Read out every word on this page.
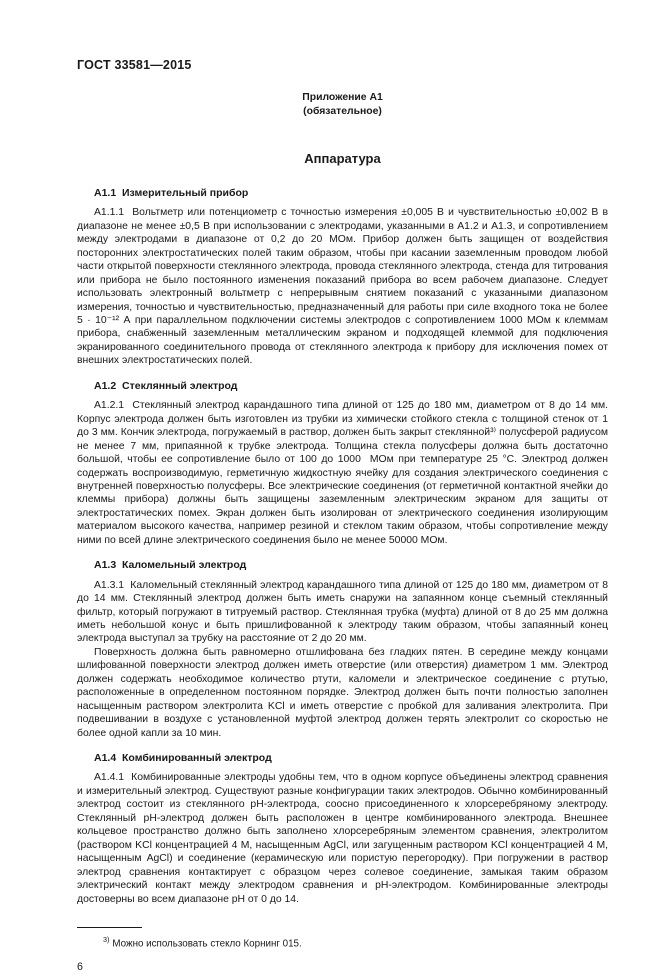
ГОСТ 33581—2015
Приложение А1
(обязательное)
Аппаратура
А1.1  Измерительный прибор

А1.1.1  Вольтметр или потенциометр с точностью измерения ±0,005 В и чувствительностью ±0,002 В в диапазоне не менее ±0,5 В при использовании с электродами, указанными в А1.2 и А1.3, и сопротивлением между электродами в диапазоне от 0,2 до 20 МОм. Прибор должен быть защищен от воздействия посторонних электростатических полей таким образом, чтобы при касании заземленным проводом любой части открытой поверхности стеклянного электрода, провода стеклянного электрода, стенда для титрования или прибора не было постоянного изменения показаний прибора во всем рабочем диапазоне. Следует использовать электронный вольтметр с непрерывным снятием показаний с указанными диапазоном измерения, точностью и чувствительностью, предназначенный для работы при силе входного тока не более 5 · 10⁻¹² А при параллельном подключении системы электродов с сопротивлением 1000 МОм к клеммам прибора, снабженный заземленным металлическим экраном и подходящей клеммой для подключения экранированного соединительного провода от стеклянного электрода к прибору для исключения помех от внешних электростатических полей.

А1.2  Стеклянный электрод

А1.2.1  Стеклянный электрод карандашного типа длиной от 125 до 180 мм, диаметром от 8 до 14 мм. Корпус электрода должен быть изготовлен из трубки из химически стойкого стекла с толщиной стенок от 1 до 3 мм. Кончик электрода, погружаемый в раствор, должен быть закрыт стеклянной³⁾ полусферой радиусом не менее 7 мм, припаянной к трубке электрода. Толщина стекла полусферы должна быть достаточно большой, чтобы ее сопротивление было от 100 до 1000  МОм при температуре 25 °С. Электрод должен содержать воспроизводимую, герметичную жидкостную ячейку для создания электрического соединения с внутренней поверхностью полусферы. Все электрические соединения (от герметичной контактной ячейки до клеммы прибора) должны быть защищены заземленным электрическим экраном для защиты от электростатических помех. Экран должен быть изолирован от электрического соединения изолирующим материалом высокого качества, например резиной и стеклом таким образом, чтобы сопротивление между ними по всей длине электрического соединения было не менее 50000 МОм.

А1.3  Каломельный электрод

А1.3.1  Каломельный стеклянный электрод карандашного типа длиной от 125 до 180 мм, диаметром от 8 до 14 мм. Стеклянный электрод должен быть иметь снаружи на запаянном конце съемный стеклянный фильтр, который погружают в титруемый раствор. Стеклянная трубка (муфта) длиной от 8 до 25 мм должна иметь небольшой конус и быть пришлифованной к электроду таким образом, чтобы запаянный конец электрода выступал за трубку на расстояние от 2 до 20 мм.

Поверхность должна быть равномерно отшлифована без гладких пятен. В середине между концами шлифованной поверхности электрод должен иметь отверстие (или отверстия) диаметром 1 мм. Электрод должен содержать необходимое количество ртути, каломели и электрическое соединение с ртутью, расположенные в определенном постоянном порядке. Электрод должен быть почти полностью заполнен насыщенным раствором электролита KCl и иметь отверстие с пробкой для заливания электролита. При подвешивании в воздухе с установленной муфтой электрод должен терять электролит со скоростью не более одной капли за 10 мин.

А1.4  Комбинированный электрод

А1.4.1  Комбинированные электроды удобны тем, что в одном корпусе объединены электрод сравнения и измерительный электрод. Существуют разные конфигурации таких электродов. Обычно комбинированный электрод состоит из стеклянного pH-электрода, соосно присоединенного к хлорсеребряному электроду. Стеклянный pH-электрод должен быть расположен в центре комбинированного электрода. Внешнее кольцевое пространство должно быть заполнено хлорсеребряным элементом сравнения, электролитом (раствором KCl концентрацией 4 М, насыщенным AgCl, или загущенным раствором KCl концентрацией 4 М, насыщенным AgCl) и соединение (керамическую или пористую перегородку). При погружении в раствор электрод сравнения контактирует с образцом через солевое соединение, замыкая таким образом электрический контакт между электродом сравнения и pH-электродом. Комбинированные электроды достоверны во всем диапазоне pH от 0 до 14.

$^{3)}$ Можно использовать стекло Корнинг 015.

6
